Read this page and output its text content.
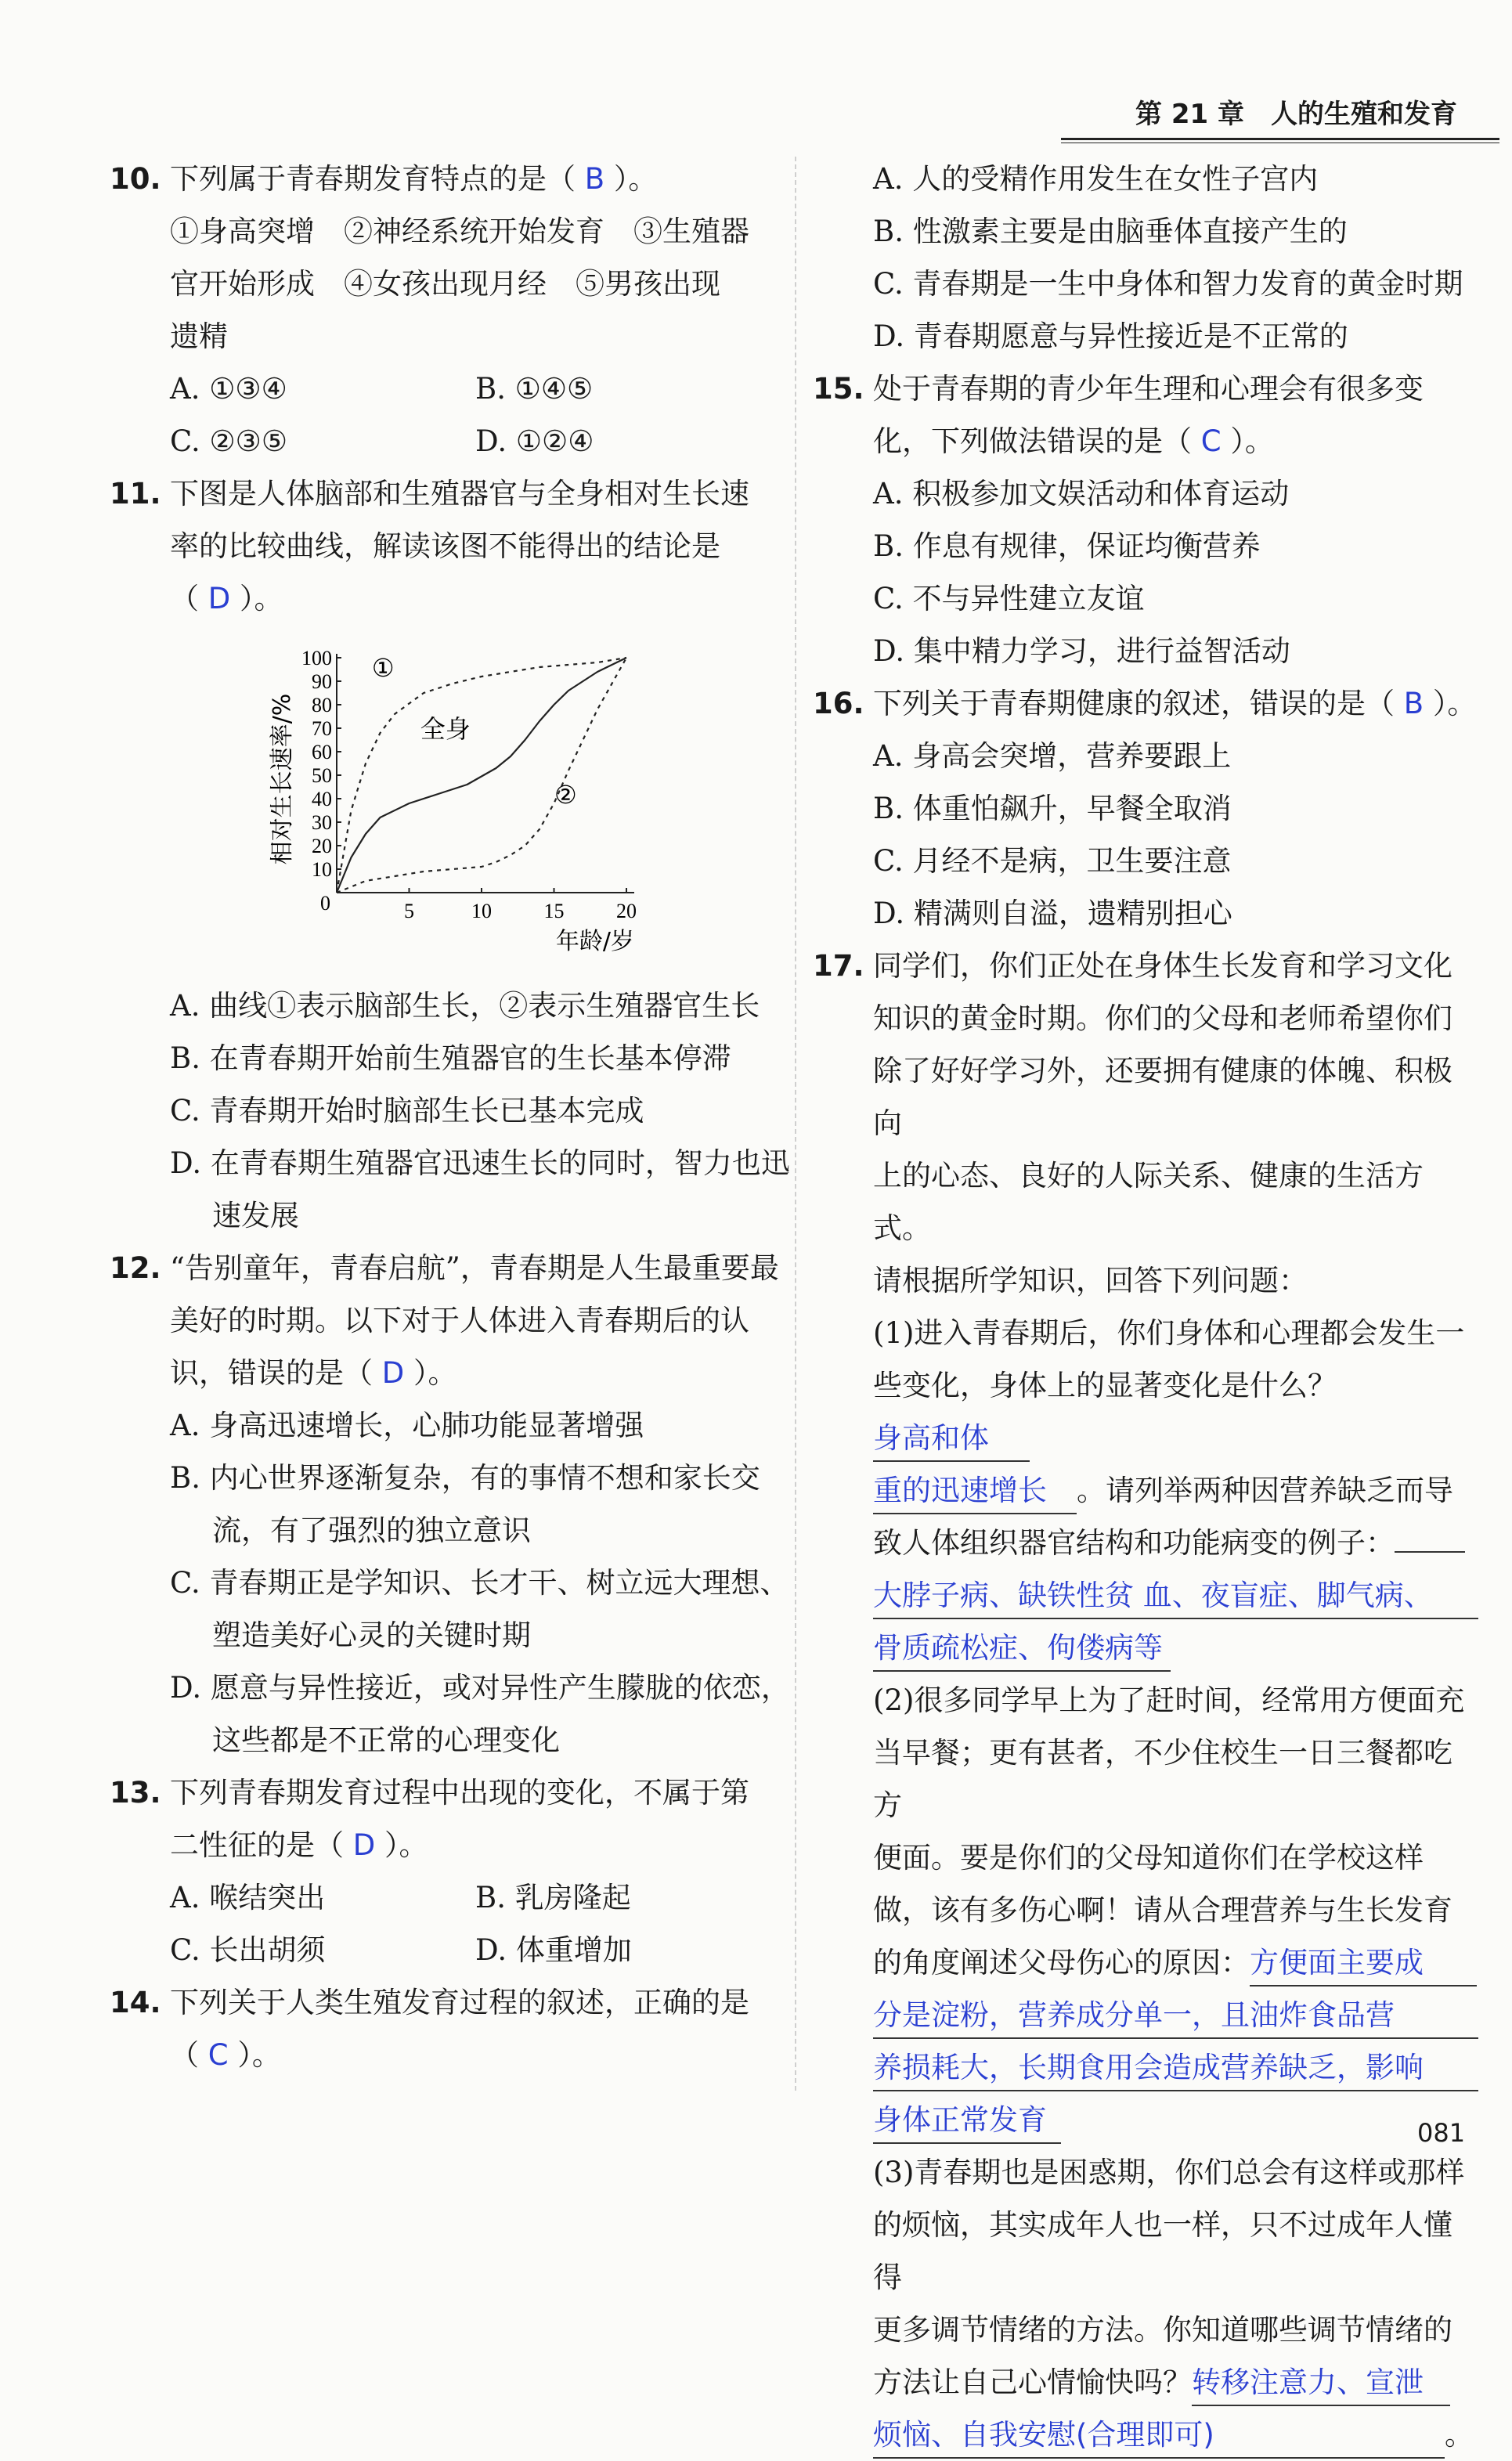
第 21 章　人的生殖和发育
10. 下列属于青春期发育特点的是（ B ）。

①身高突增　②神经系统开始发育　③生殖器

官开始形成　④女孩出现月经　⑤男孩出现

遗精

A. ①③④	B. ①④⑤
C. ②③⑤	D. ①②④
11. 下图是人体脑部和生殖器官与全身相对生长速

率的比较曲线，解读该图不能得出的结论是

（ D ）。

0	5	10	15	20
10
20
30
40
50
60
70
80
90
100 ①
全身
②
相对生长速率/%
年龄/岁

A. 曲线①表示脑部生长，②表示生殖器官生长

B. 在青春期开始前生殖器官的生长基本停滞

C. 青春期开始时脑部生长已基本完成

D. 在青春期生殖器官迅速生长的同时，智力也迅速发展

12. “告别童年，青春启航”，青春期是人生最重要最

美好的时期。以下对于人体进入青春期后的认

识，错误的是（ D ）。

A. 身高迅速增长，心肺功能显著增强

B. 内心世界逐渐复杂，有的事情不想和家长交流，有了强烈的独立意识

C. 青春期正是学知识、长才干、树立远大理想、塑造美好心灵的关键时期

D. 愿意与异性接近，或对异性产生朦胧的依恋，这些都是不正常的心理变化

13. 下列青春期发育过程中出现的变化，不属于第

二性征的是（ D ）。

A. 喉结突出	B. 乳房隆起
C. 长出胡须	D. 体重增加
14. 下列关于人类生殖发育过程的叙述，正确的是

（ C ）。

A. 人的受精作用发生在女性子宫内

B. 性激素主要是由脑垂体直接产生的

C. 青春期是一生中身体和智力发育的黄金时期

D. 青春期愿意与异性接近是不正常的

15. 处于青春期的青少年生理和心理会有很多变

化，下列做法错误的是（ C ）。

A. 积极参加文娱活动和体育运动

B. 作息有规律，保证均衡营养

C. 不与异性建立友谊

D. 集中精力学习，进行益智活动

16. 下列关于青春期健康的叙述，错误的是（ B ）。

A. 身高会突增，营养要跟上

B. 体重怕飙升，早餐全取消

C. 月经不是病，卫生要注意

D. 精满则自溢，遗精别担心

17. 同学们，你们正处在身体生长发育和学习文化

知识的黄金时期。你们的父母和老师希望你们

除了好好学习外，还要拥有健康的体魄、积极向

上的心态、良好的人际关系、健康的生活方式。

请根据所学知识，回答下列问题：

(1)进入青春期后，你们身体和心理都会发生一

些变化，身体上的显著变化是什么？身高和体

重的迅速增长 。请列举两种因营养缺乏而导

致人体组织器官结构和功能病变的例子：

大脖子病、缺铁性贫 血、夜盲症、脚气病、

骨质疏松症、佝偻病等

(2)很多同学早上为了赶时间，经常用方便面充

当早餐；更有甚者，不少住校生一日三餐都吃方

便面。要是你们的父母知道你们在学校这样

做，该有多伤心啊！请从合理营养与生长发育

的角度阐述父母伤心的原因：方便面主要成

分是淀粉，营养成分单一，且油炸食品营

养损耗大，长期食用会造成营养缺乏，影响

身体正常发育

(3)青春期也是困惑期，你们总会有这样或那样

的烦恼，其实成年人也一样，只不过成年人懂得

更多调节情绪的方法。你知道哪些调节情绪的

方法让自己心情愉快吗？转移注意力、宣泄

烦恼、自我安慰(合理即可)	。

081
